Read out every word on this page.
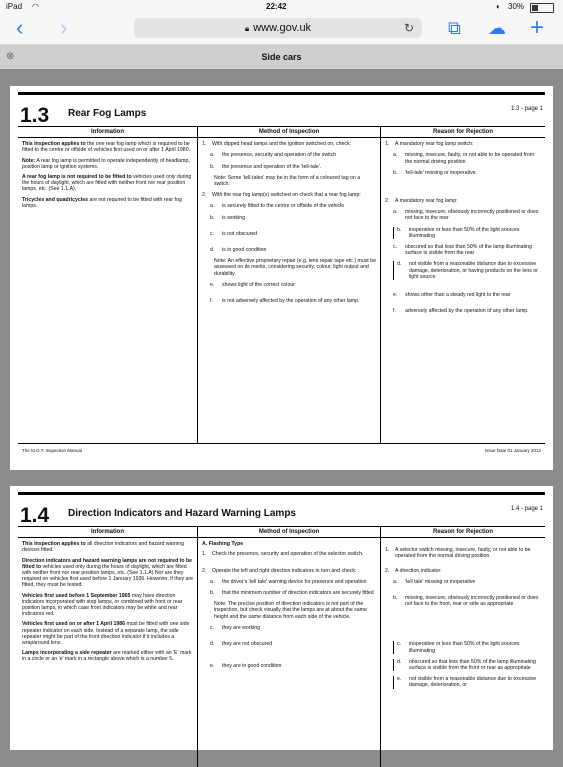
iPad ◠	22:42	◐ 30%
‹ ›	🔒︎ www.gov.uk	↻ ⧉ ☁ +
⊗	Side cars
1.3 Rear Fog Lamps	1.3 - page 1
Information
This inspection applies to the one rear fog lamp which is required to be fitted to the centre or offside of vehicles first used on or after 1 April 1980.
Note: A rear fog lamp is permitted to operate independently of headlamp, position lamp or ignition systems.
A rear fog lamp is not required to be fitted to vehicles used only during the hours of daylight, which are fitted with neither front nor rear position lamps, etc. (See 1.1.A).
Tricycles and quadricycles are not required to be fitted with rear fog lamps.
Method of Inspection
1.	With dipped head lamps and the ignition switched on, check:
a.	the presence, security and operation of the switch
b.	the presence and operation of the 'tell-tale'.
Note: Some 'tell-tales' may be in the form of a coloured tag on a switch.
2.	With the rear fog lamp(s) switched on check that a rear fog lamp:
a.	is securely fitted to the centre or offside of the vehicle
b.	is working
c.	is not obscured
d.	is in good condition
Note: An effective proprietary repair (e.g. lens repair tape etc.) must be assessed on its merits, considering security, colour, light output and durability.
e.	shows light of the correct colour
f.	is not adversely affected by the operation of any other lamp.
Reason for Rejection
1.	A mandatory rear fog lamp switch:
a.	missing, insecure, faulty, or not able to be operated from the normal driving position
b.	'tell-tale' missing or inoperative.
2.	A mandatory rear fog lamp:
a.	missing, insecure, obviously incorrectly positioned or does not face to the rear
b.	inoperative or less than 50% of the light sources illuminating
c.	obscured so that less than 50% of the lamp illuminating surface is visible from the rear
d.	not visible from a reasonable distance due to excessive damage, deterioration, or having products on the lens or light source
e.	shows other than a steady red light to the rear
f.	adversely affected by the operation of any other lamp.
The M.O.T. Inspection Manual	Issue Date 01 January 2012
1.4 Direction Indicators and Hazard Warning Lamps	1.4 - page 1
Information
This inspection applies to all direction indicators and hazard warning devices fitted.
Direction indicators and hazard warning lamps are not required to be fitted to vehicles used only during the hours of daylight, which are fitted with neither front nor rear position lamps, etc. (See 1.1.A) Nor are they required on vehicles first used before 1 January 1936. However, if they are fitted, they must be tested.
Vehicles first used before 1 September 1965 may have direction indicators incorporated with stop lamps, or combined with front or rear position lamps, in which case front indicators may be white and rear indicators red.
Vehicles first used on or after 1 April 1986 must be fitted with one side repeater indicator on each side. Instead of a separate lamp, the side repeater might be part of the front direction indicator if it includes a wraparound lens.
Lamps incorporating a side repeater are marked either with an 'E' mark in a circle or an 'e' mark in a rectangle above which is a number 5.
Method of Inspection
A. Flashing Type
1.	Check the presence, security and operation of the selector switch.
2.	Operate the left and right direction indicators in turn and check:
a.	the driver's 'tell tale' warning device for presence and operation
b.	that the minimum number of direction indicators are securely fitted
Note: The precise position of direction indicators is not part of the inspection, but check visually that the lamps are at about the same height and the same distance from each side of the vehicle.
c.	they are working
d.	they are not obscured
e.	they are in good condition
Reason for Rejection
1.	A selector switch missing, insecure, faulty, or not able to be operated from the normal driving position.
2.	A direction indicator:
a.	'tell tale' missing or inoperative
b.	missing, insecure, obviously incorrectly positioned or does not face to the front, rear or side as appropriate
c.	inoperative or less than 50% of the light sources illuminating
d.	obscured so that less than 50% of the lamp illuminating surface is visible from the front or rear as appropriate
e.	not visible from a reasonable distance due to excessive damage, deterioration, or
